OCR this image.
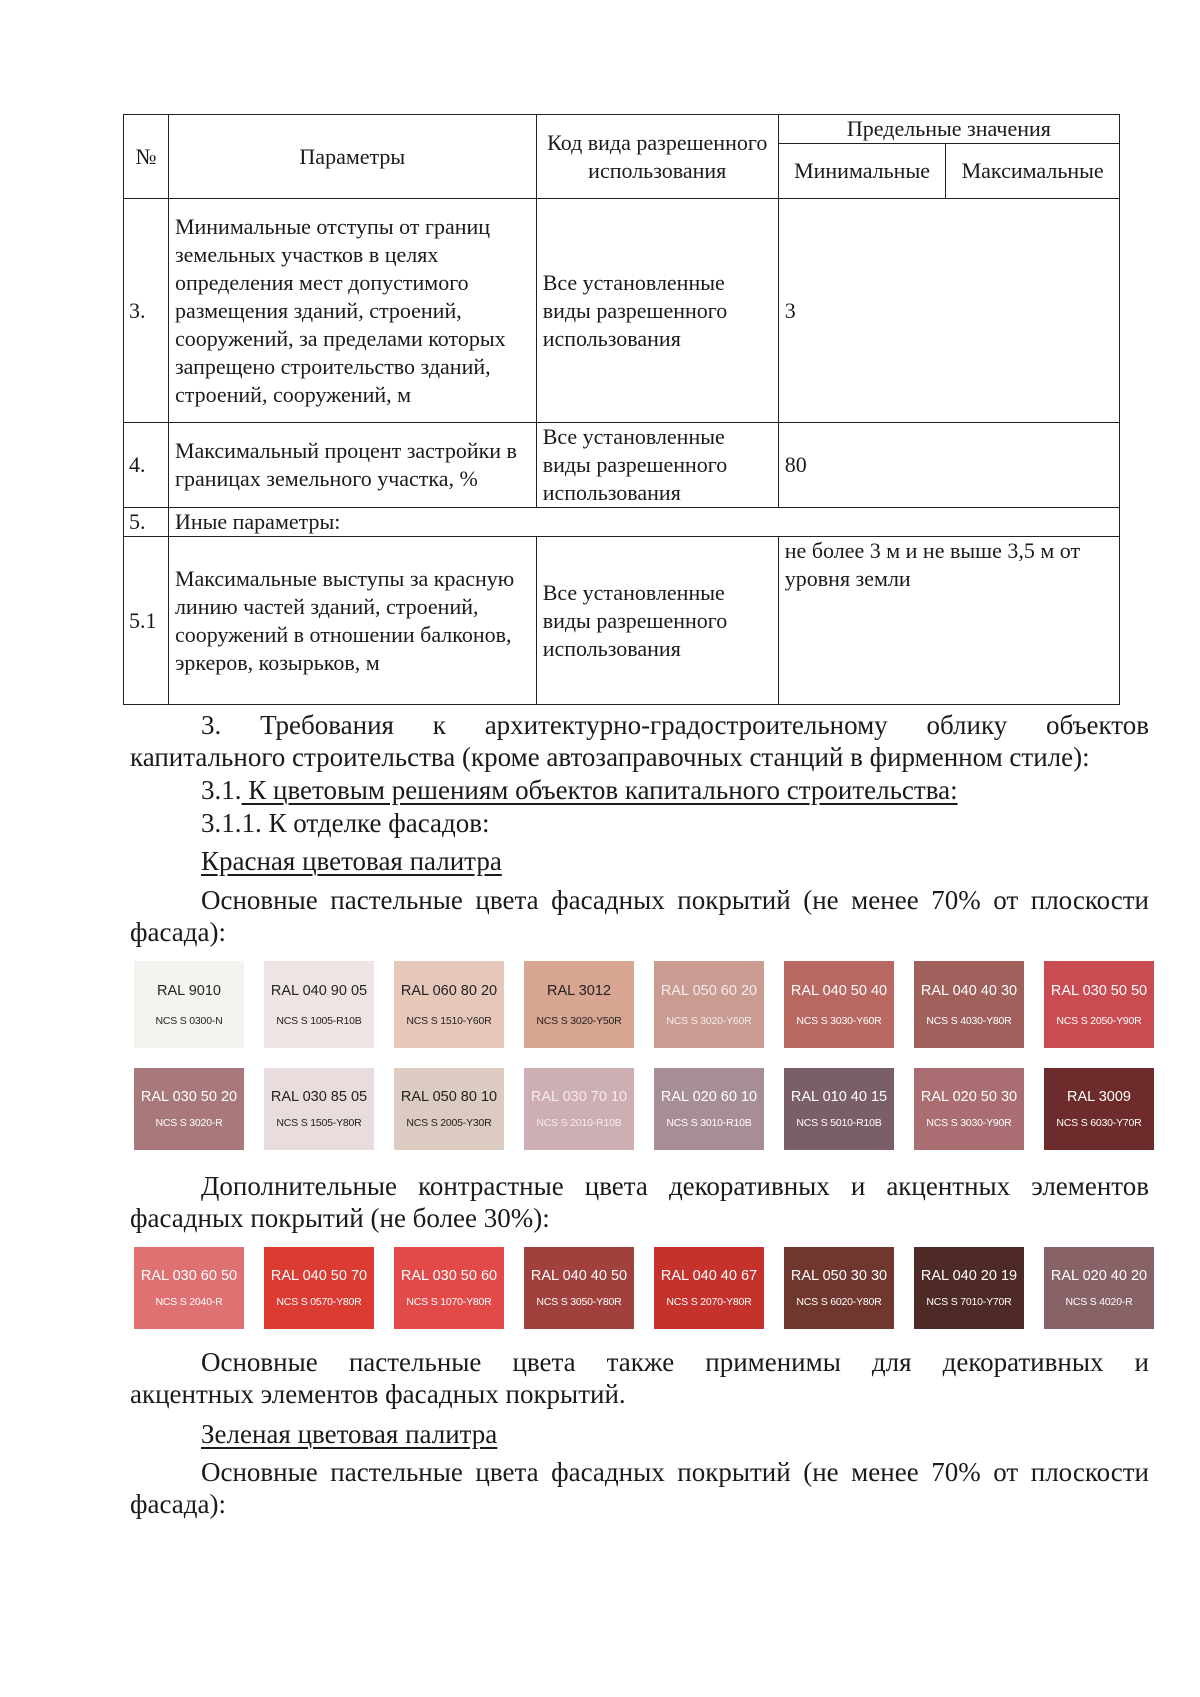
№	Параметры	Код вида разрешенного использования	Предельные значения	
			Минимальные	Максимальные
3.	Минимальные отступы от границ земельных участков в целях определения мест допустимого размещения зданий, строений, сооружений, за пределами которых запрещено строительство зданий, строений, сооружений, м	Все установленные виды разрешенного использования	3	
4.	Максимальный процент застройки в границах земельного участка, %	Все установленные виды разрешенного использования	80	
5.	Иные параметры:			
5.1	Максимальные выступы за красную линию частей зданий, строений, сооружений в отношении балконов, эркеров, козырьков, м	Все установленные виды разрешенного использования	не более 3 м и не выше 3,5 м от уровня земли	

3. Требования к архитектурно-градостроительному облику объектов

капитального строительства (кроме автозаправочных станций в фирменном стиле):

3.1. К цветовым решениям объектов капитального строительства:

3.1.1. К отделке фасадов:

Красная цветовая палитра

Основные пастельные цвета фасадных покрытий (не менее 70% от плоскости

фасада):

RAL 9010
NCS S 0300-N
RAL 040 90 05
NCS S 1005-R10B
RAL 060 80 20
NCS S 1510-Y60R
RAL 3012
NCS S 3020-Y50R
RAL 050 60 20
NCS S 3020-Y60R
RAL 040 50 40
NCS S 3030-Y60R
RAL 040 40 30
NCS S 4030-Y80R
RAL 030 50 50
NCS S 2050-Y90R
RAL 030 50 20
NCS S 3020-R
RAL 030 85 05
NCS S 1505-Y80R
RAL 050 80 10
NCS S 2005-Y30R
RAL 030 70 10
NCS S 2010-R10B
RAL 020 60 10
NCS S 3010-R10B
RAL 010 40 15
NCS S 5010-R10B
RAL 020 50 30
NCS S 3030-Y90R
RAL 3009
NCS S 6030-Y70R

Дополнительные контрастные цвета декоративных и акцентных элементов

фасадных покрытий (не более 30%):

RAL 030 60 50
NCS S 2040-R
RAL 040 50 70
NCS S 0570-Y80R
RAL 030 50 60
NCS S 1070-Y80R
RAL 040 40 50
NCS S 3050-Y80R
RAL 040 40 67
NCS S 2070-Y80R
RAL 050 30 30
NCS S 6020-Y80R
RAL 040 20 19
NCS S 7010-Y70R
RAL 020 40 20
NCS S 4020-R

Основные пастельные цвета также применимы для декоративных и

акцентных элементов фасадных покрытий.

Зеленая цветовая палитра

Основные пастельные цвета фасадных покрытий (не менее 70% от плоскости

фасада):
